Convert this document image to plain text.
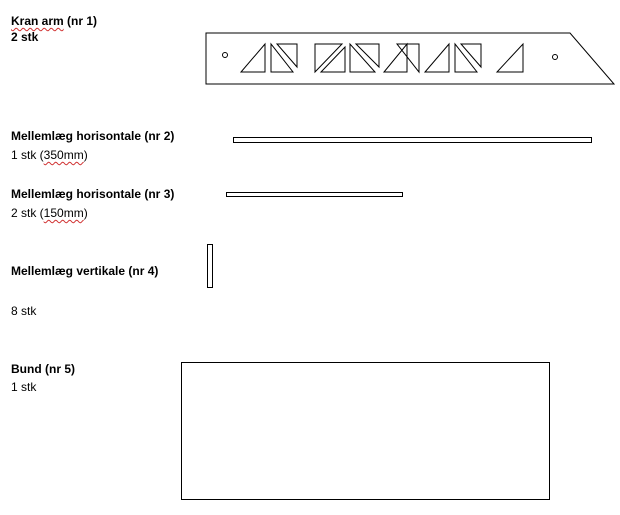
Kran arm (nr 1)
2 stk
Mellemlæg horisontale (nr 2)
1 stk (350mm)
Mellemlæg horisontale (nr 3)
2 stk (150mm)
Mellemlæg vertikale (nr 4)
8 stk
Bund (nr 5)
1 stk
